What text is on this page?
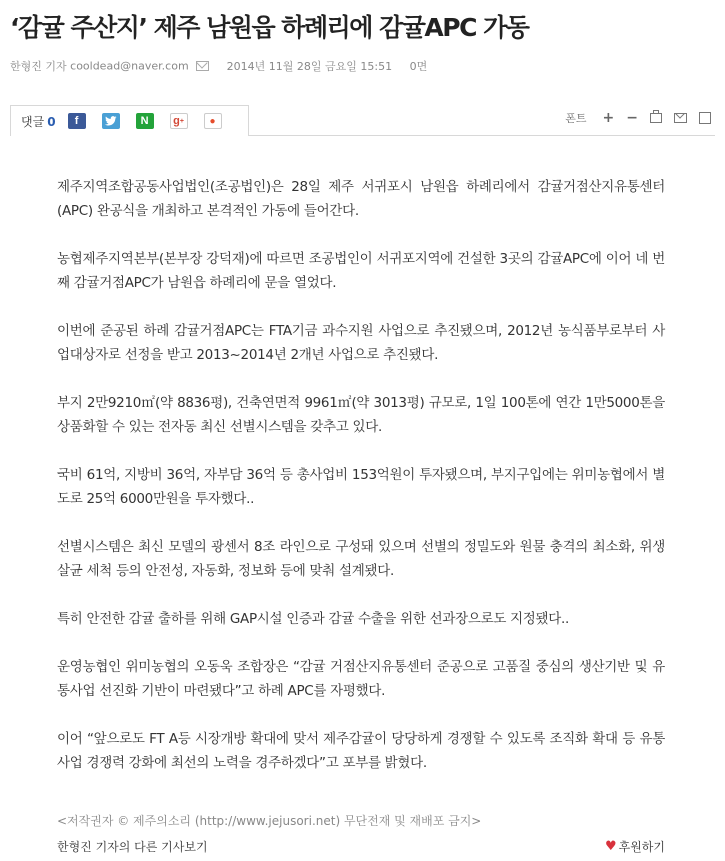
‘감귤 주산지’ 제주 남원읍 하례리에 감귤APC 가동
한형진 기자 cooldead@naver.com	2014년 11월 28일 금요일 15:51 0면
댓글 0	f	N	g +	●	폰트 + −

제주지역조합공동사업법인(조공법인)은 28일 제주 서귀포시 남원읍 하례리에서 감귤거점산지유통센터(APC) 완공식을 개최하고 본격적인 가동에 들어간다.

농협제주지역본부(본부장 강덕재)에 따르면 조공법인이 서귀포지역에 건설한 3곳의 감귤APC에 이어 네 번째 감귤거점APC가 남원읍 하례리에 문을 열었다.

이번에 준공된 하례 감귤거점APC는 FTA기금 과수지원 사업으로 추진됐으며, 2012년 농식품부로부터 사업대상자로 선정을 받고 2013~2014년 2개년 사업으로 추진됐다.

부지 2만9210㎡(약 8836평), 건축연면적 9961㎡(약 3013평) 규모로, 1일 100톤에 연간 1만5000톤을 상품화할 수 있는 전자동 최신 선별시스템을 갖추고 있다.

국비 61억, 지방비 36억, 자부담 36억 등 총사업비 153억원이 투자됐으며, 부지구입에는 위미농협에서 별도로 25억 6000만원을 투자했다..

선별시스템은 최신 모델의 광센서 8조 라인으로 구성돼 있으며 선별의 정밀도와 원물 충격의 최소화, 위생살균 세척 등의 안전성, 자동화, 정보화 등에 맞춰 설계됐다.

특히 안전한 감귤 출하를 위해 GAP시설 인증과 감귤 수출을 위한 선과장으로도 지정됐다..

운영농협인 위미농협의 오동욱 조합장은 “감귤 거점산지유통센터 준공으로 고품질 중심의 생산기반 및 유통사업 선진화 기반이 마련됐다”고 하례 APC를 자평했다.

이어 “앞으로도 FT A등 시장개방 확대에 맞서 제주감귤이 당당하게 경쟁할 수 있도록 조직화 확대 등 유통사업 경쟁력 강화에 최선의 노력을 경주하겠다”고 포부를 밝혔다.

<저작권자 © 제주의소리 (http://www.jejusori.net) 무단전재 및 재배포 금지>
한형진 기자의 다른 기사보기	♥ 후원하기
